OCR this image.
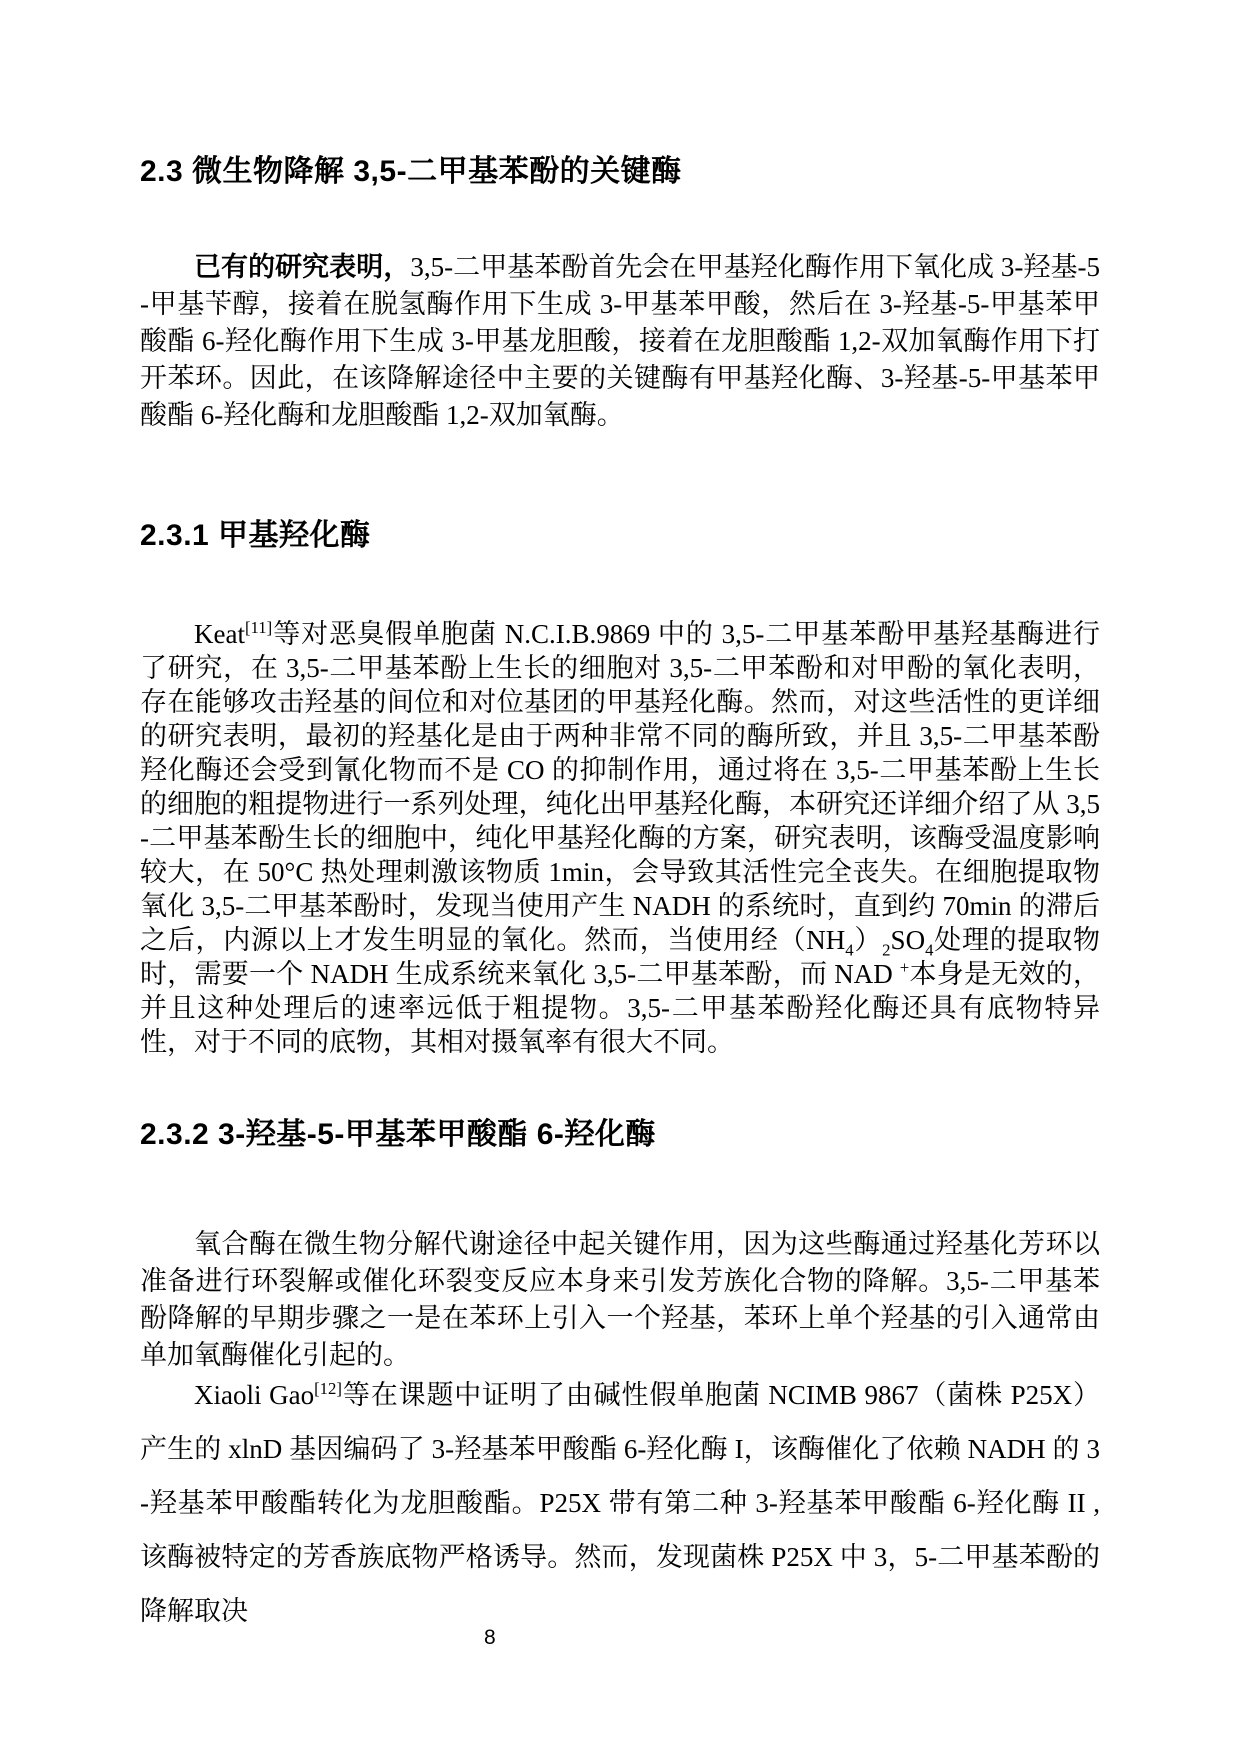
2.3 微生物降解 3,5-二甲基苯酚的关键酶

已有的研究表明，3,5-二甲基苯酚首先会在甲基羟化酶作用下氧化成 3-羟基-5-甲基苄醇，接着在脱氢酶作用下生成 3-甲基苯甲酸，然后在 3-羟基-5-甲基苯甲酸酯 6-羟化酶作用下生成 3-甲基龙胆酸，接着在龙胆酸酯 1,2-双加氧酶作用下打开苯环。因此，在该降解途径中主要的关键酶有甲基羟化酶、3-羟基-5-甲基苯甲酸酯 6-羟化酶和龙胆酸酯 1,2-双加氧酶。

2.3.1 甲基羟化酶

Keat[11]等对恶臭假单胞菌 N.C.I.B.9869 中的 3,5-二甲基苯酚甲基羟基酶进行了研究，在 3,5-二甲基苯酚上生长的细胞对 3,5-二甲苯酚和对甲酚的氧化表明，存在能够攻击羟基的间位和对位基团的甲基羟化酶。然而，对这些活性的更详细的研究表明，最初的羟基化是由于两种非常不同的酶所致，并且 3,5-二甲基苯酚羟化酶还会受到氰化物而不是 CO 的抑制作用，通过将在 3,5-二甲基苯酚上生长的细胞的粗提物进行一系列处理，纯化出甲基羟化酶，本研究还详细介绍了从 3,5-二甲基苯酚生长的细胞中，纯化甲基羟化酶的方案，研究表明，该酶受温度影响较大，在 50°C 热处理刺激该物质 1min，会导致其活性完全丧失。在细胞提取物氧化 3,5-二甲基苯酚时，发现当使用产生 NADH 的系统时，直到约 70min 的滞后之后，内源以上才发生明显的氧化。然而，当使用经$(NH_4)_2SO_4$处理的提取物时，需要一个 NADH 生成系统来氧化 3,5-二甲基苯酚，而 NAD +本身是无效的，并且这种处理后的速率远低于粗提物。3,5-二甲基苯酚羟化酶还具有底物特异性，对于不同的底物，其相对摄氧率有很大不同。

2.3.2 3-羟基-5-甲基苯甲酸酯 6-羟化酶

氧合酶在微生物分解代谢途径中起关键作用，因为这些酶通过羟基化芳环以准备进行环裂解或催化环裂变反应本身来引发芳族化合物的降解。3,5-二甲基苯酚降解的早期步骤之一是在苯环上引入一个羟基，苯环上单个羟基的引入通常由单加氧酶催化引起的。

Xiaoli Gao[12]等在课题中证明了由碱性假单胞菌 NCIMB 9867（菌株 P25X）产生的 xlnD 基因编码了 3-羟基苯甲酸酯 6-羟化酶 I，该酶催化了依赖 NADH 的 3-羟基苯甲酸酯转化为龙胆酸酯。P25X 带有第二种 3-羟基苯甲酸酯 6-羟化酶 II , 该酶被特定的芳香族底物严格诱导。然而，发现菌株 P25X 中 3，5-二甲基苯酚的降解取决

8
